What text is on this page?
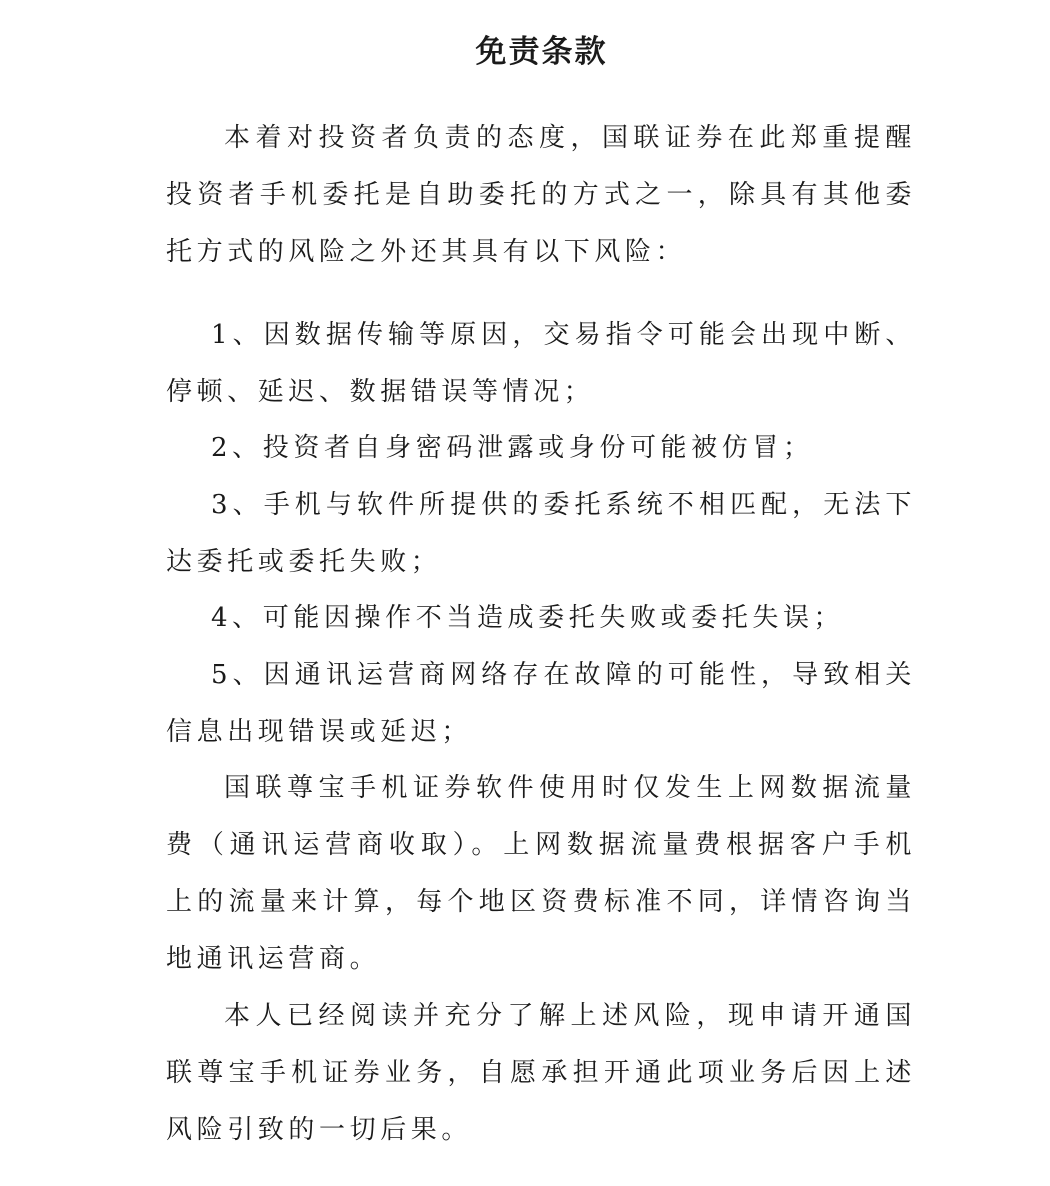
免责条款

本着对投资者负责的态度，国联证券在此郑重提醒投资者手机委托是自助委托的方式之一，除具有其他委托方式的风险之外还其具有以下风险：

1、因数据传输等原因，交易指令可能会出现中断、停顿、延迟、数据错误等情况；

2、投资者自身密码泄露或身份可能被仿冒；

3、手机与软件所提供的委托系统不相匹配，无法下达委托或委托失败；

4、可能因操作不当造成委托失败或委托失误；

5、因通讯运营商网络存在故障的可能性，导致相关信息出现错误或延迟；

国联尊宝手机证券软件使用时仅发生上网数据流量费（通讯运营商收取）。上网数据流量费根据客户手机上的流量来计算，每个地区资费标准不同，详情咨询当地通讯运营商。

本人已经阅读并充分了解上述风险，现申请开通国联尊宝手机证券业务，自愿承担开通此项业务后因上述风险引致的一切后果。
